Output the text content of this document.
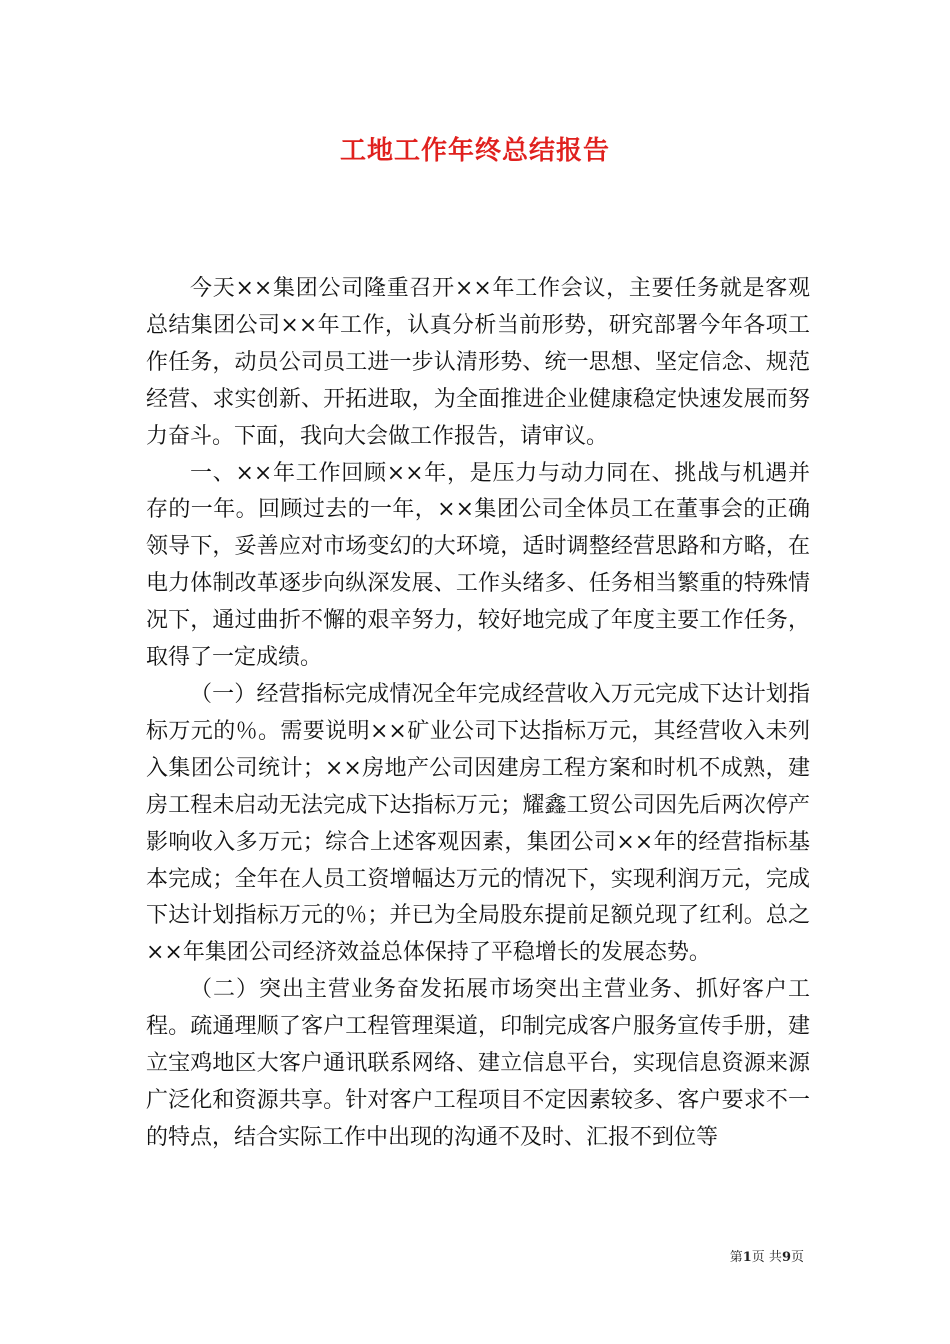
工地工作年终总结报告

今天××集团公司隆重召开××年工作会议，主要任务就是客观总结集团公司××年工作，认真分析当前形势，研究部署今年各项工作任务，动员公司员工进一步认清形势、统一思想、坚定信念、规范经营、求实创新、开拓进取，为全面推进企业健康稳定快速发展而努力奋斗。下面，我向大会做工作报告，请审议。

一、××年工作回顾××年，是压力与动力同在、挑战与机遇并存的一年。回顾过去的一年，××集团公司全体员工在董事会的正确领导下，妥善应对市场变幻的大环境，适时调整经营思路和方略，在电力体制改革逐步向纵深发展、工作头绪多、任务相当繁重的特殊情况下，通过曲折不懈的艰辛努力，较好地完成了年度主要工作任务，取得了一定成绩。

（一）经营指标完成情况全年完成经营收入万元完成下达计划指标万元的％。需要说明××矿业公司下达指标万元，其经营收入未列入集团公司统计；××房地产公司因建房工程方案和时机不成熟，建房工程未启动无法完成下达指标万元；耀鑫工贸公司因先后两次停产影响收入多万元；综合上述客观因素，集团公司××年的经营指标基本完成；全年在人员工资增幅达万元的情况下，实现利润万元，完成下达计划指标万元的％；并已为全局股东提前足额兑现了红利。总之××年集团公司经济效益总体保持了平稳增长的发展态势。

（二）突出主营业务奋发拓展市场突出主营业务、抓好客户工程。疏通理顺了客户工程管理渠道，印制完成客户服务宣传手册，建立宝鸡地区大客户通讯联系网络、建立信息平台，实现信息资源来源广泛化和资源共享。针对客户工程项目不定因素较多、客户要求不一的特点，结合实际工作中出现的沟通不及时、汇报不到位等

第1页 共9页
